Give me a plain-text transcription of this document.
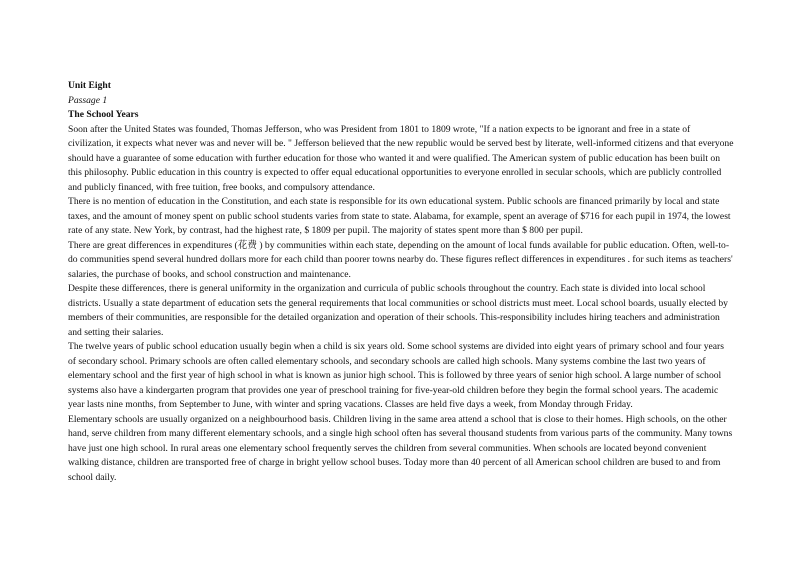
Unit Eight

Passage 1

The School Years

Soon after the United States was founded, Thomas Jefferson, who was President from 1801 to 1809 wrote, "If a nation expects to be ignorant and free in a state of civilization, it expects what never was and never will be. " Jefferson believed that the new republic would be served best by literate, well-informed citizens and that everyone should have a guarantee of some education with further education for those who wanted it and were qualified. The American system of public education has been built on this philosophy. Public education in this country is expected to offer equal educational opportunities to everyone enrolled in secular schools, which are publicly controlled and publicly financed, with free tuition, free books, and compulsory attendance.

There is no mention of education in the Constitution, and each state is responsible for its own educational system. Public schools are financed primarily by local and state taxes, and the amount of money spent on public school students varies from state to state. Alabama, for example, spent an average of $716 for each pupil in 1974, the lowest rate of any state. New York, by contrast, had the highest rate, $ 1809 per pupil. The majority of states spent more than $ 800 per pupil.

There are great differences in expenditures (花费 ) by communities within each state, depending on the amount of local funds available for public education. Often, well-to-do communities spend several hundred dollars more for each child than poorer towns nearby do. These figures reflect differences in expenditures . for such items as teachers' salaries, the purchase of books, and school construction and maintenance.

Despite these differences, there is general uniformity in the organization and curricula of public schools throughout the country. Each state is divided into local school districts. Usually a state department of education sets the general requirements that local communities or school districts must meet. Local school boards, usually elected by members of their communities, are responsible for the detailed organization and operation of their schools. This-responsibility includes hiring teachers and administration and setting their salaries.

The twelve years of public school education usually begin when a child is six years old. Some school systems are divided into eight years of primary school and four years of secondary school. Primary schools are often called elementary schools, and secondary schools are called high schools. Many systems combine the last two years of elementary school and the first year of high school in what is known as junior high school. This is followed by three years of senior high school. A large number of school systems also have a kindergarten program that provides one year of preschool training for five-year-old children before they begin the formal school years. The academic year lasts nine months, from September to June, with winter and spring vacations. Classes are held five days a week, from Monday through Friday.

Elementary schools are usually organized on a neighbourhood basis. Children living in the same area attend a school that is close to their homes. High schools, on the other hand, serve children from many different elementary schools, and a single high school often has several thousand students from various parts of the community. Many towns have just one high school. In rural areas one elementary school frequently serves the children from several communities. When schools are located beyond convenient walking distance, children are transported free of charge in bright yellow school buses. Today more than 40 percent of all American school children are bused to and from school daily.
